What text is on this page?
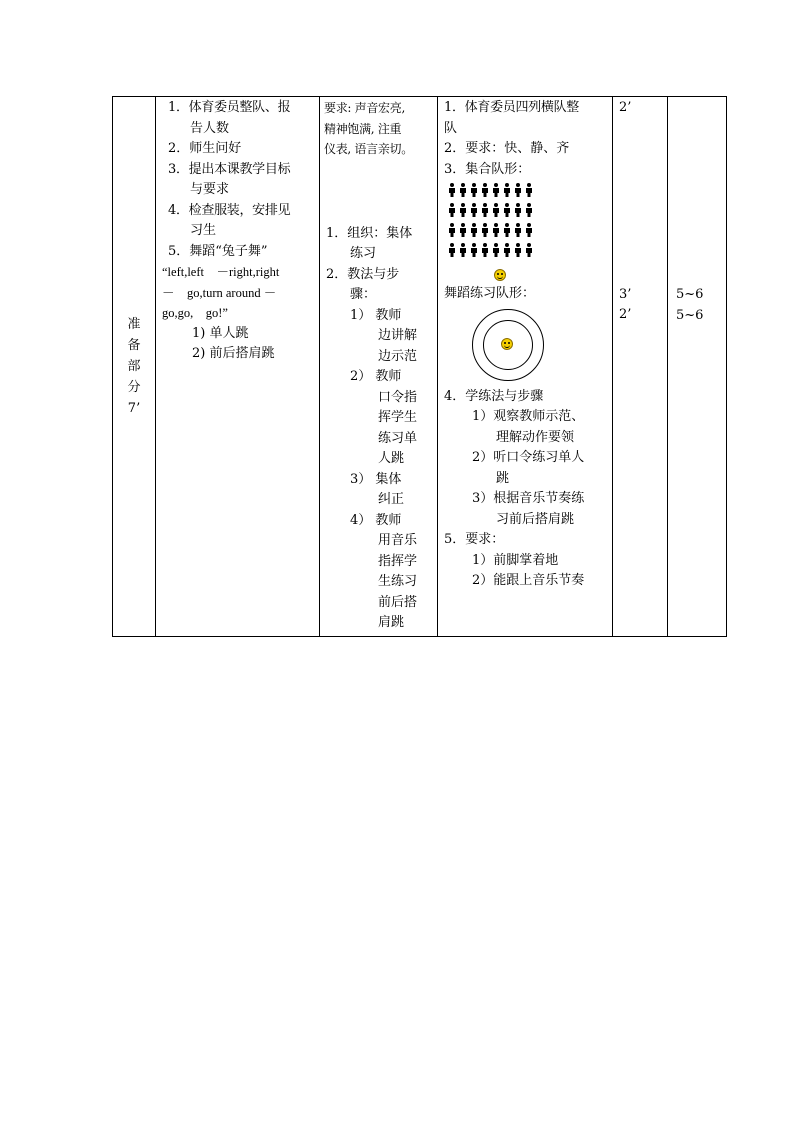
准
备
部
分
7’

1．体育委员整队、报
告人数
2．师生问好
3．提出本课教学目标
与要求
4．检查服装，安排见
习生
5．舞蹈“兔子舞”
“left,left　－right,right
－　go,turn around －
go,go,　go!”
1) 单人跳
2) 前后搭肩跳

要求: 声音宏亮,
精神饱满, 注重
仪表, 语言亲切。
1．组织：集体
练习
2．教法与步
骤：
1） 教师
边讲解
边示范
2） 教师
口令指
挥学生
练习单
人跳
3） 集体
纠正
4） 教师
用音乐
指挥学
生练习
前后搭
肩跳

1．体育委员四列横队整
队
2．要求：快、静、齐
3．集合队形：
舞蹈练习队形：
4．学练法与步骤
1）观察教师示范、
理解动作要领
2）听口令练习单人
跳
3）根据音乐节奏练
习前后搭肩跳
5．要求：
1）前脚掌着地
2）能跟上音乐节奏

2’
3’
2’

5~6
5~6
